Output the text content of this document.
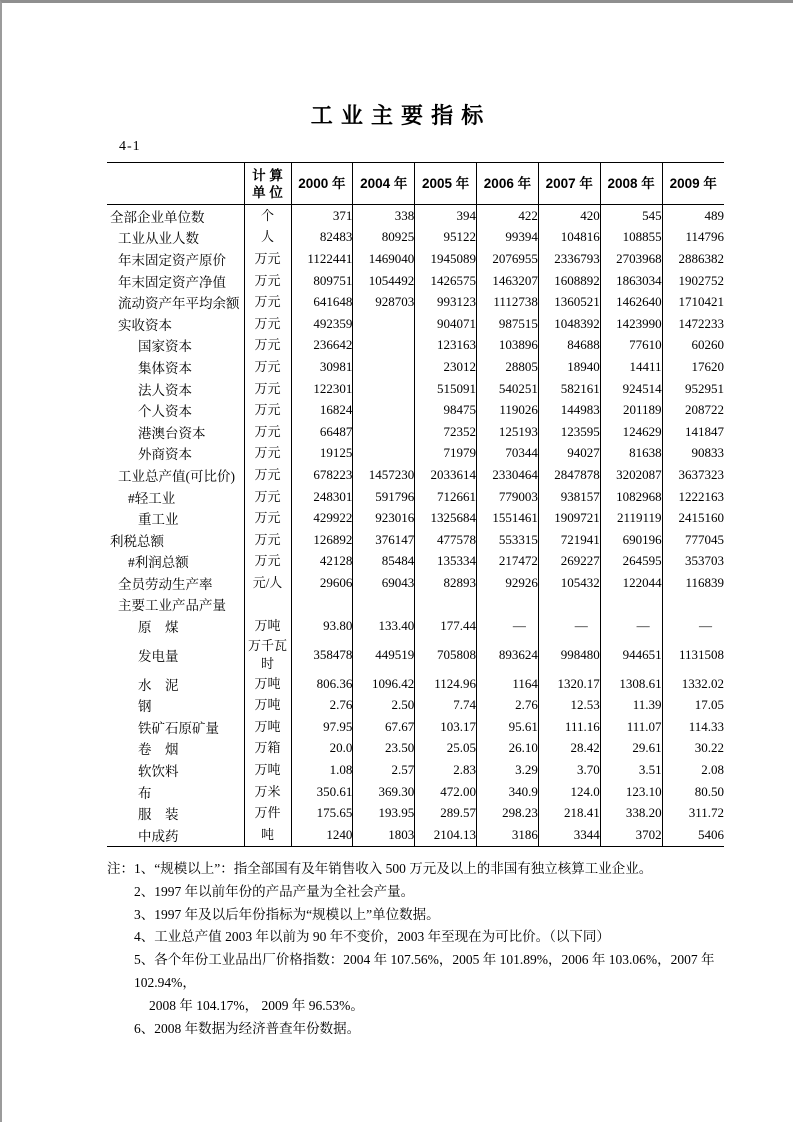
工 业 主 要 指 标
4-1
	计 算 单 位	2000 年	2004 年	2005 年	2006 年	2007 年	2008 年	2009 年
全部企业单位数	个	371	338	394	422	420	545	489
工业从业人数	人	82483	80925	95122	99394	104816	108855	114796
年末固定资产原价	万元	1122441	1469040	1945089	2076955	2336793	2703968	2886382
年末固定资产净值	万元	809751	1054492	1426575	1463207	1608892	1863034	1902752
流动资产年平均余额	万元	641648	928703	993123	1112738	1360521	1462640	1710421
实收资本	万元	492359		904071	987515	1048392	1423990	1472233
国家资本	万元	236642		123163	103896	84688	77610	60260
集体资本	万元	30981		23012	28805	18940	14411	17620
法人资本	万元	122301		515091	540251	582161	924514	952951
个人资本	万元	16824		98475	119026	144983	201189	208722
港澳台资本	万元	66487		72352	125193	123595	124629	141847
外商资本	万元	19125		71979	70344	94027	81638	90833
工业总产值(可比价)	万元	678223	1457230	2033614	2330464	2847878	3202087	3637323
#轻工业	万元	248301	591796	712661	779003	938157	1082968	1222163
重工业	万元	429922	923016	1325684	1551461	1909721	2119119	2415160
利税总额	万元	126892	376147	477578	553315	721941	690196	777045
#利润总额	万元	42128	85484	135334	217472	269227	264595	353703
全员劳动生产率	元/人	29606	69043	82893	92926	105432	122044	116839
主要工业产品产量								
原　煤	万吨	93.80	133.40	177.44	—	—	—	—
发电量	万千瓦时	358478	449519	705808	893624	998480	944651	1131508
水　泥	万吨	806.36	1096.42	1124.96	1164	1320.17	1308.61	1332.02
钢	万吨	2.76	2.50	7.74	2.76	12.53	11.39	17.05
铁矿石原矿量	万吨	97.95	67.67	103.17	95.61	111.16	111.07	114.33
卷　烟	万箱	20.0	23.50	25.05	26.10	28.42	29.61	30.22
软饮料	万吨	1.08	2.57	2.83	3.29	3.70	3.51	2.08
布	万米	350.61	369.30	472.00	340.9	124.0	123.10	80.50
服　装	万件	175.65	193.95	289.57	298.23	218.41	338.20	311.72
中成药	吨	1240	1803	2104.13	3186	3344	3702	5406
注：1、“规模以上”：指全部国有及年销售收入 500 万元及以上的非国有独立核算工业企业。
2、1997 年以前年份的产品产量为全社会产量。
3、1997 年及以后年份指标为“规模以上”单位数据。
4、工业总产值 2003 年以前为 90 年不变价，2003 年至现在为可比价。（以下同）
5、各个年份工业品出厂价格指数：2004 年 107.56%，2005 年 101.89%，2006 年 103.06%，2007 年 102.94%，
2008 年 104.17%， 2009 年 96.53%。
6、2008 年数据为经济普查年份数据。
